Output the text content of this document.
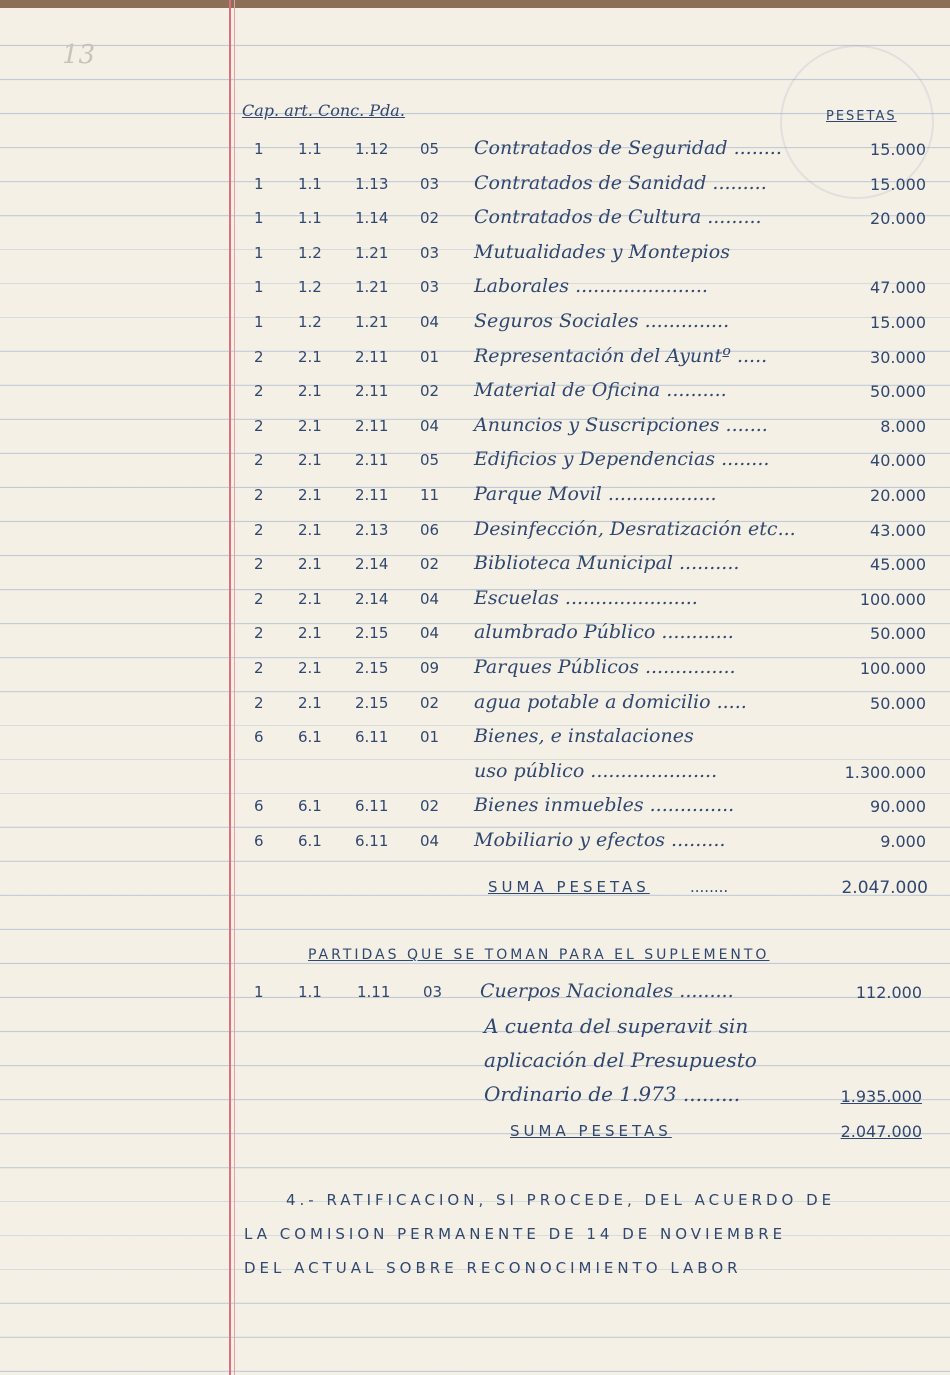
13
Cap. art. Conc. Pda.	PESETAS
1 1.1 1.12 05 Contratados de Seguridad ........	15.000
1 1.1 1.13 03 Contratados de Sanidad .........	15.000
1 1.1 1.14 02 Contratados de Cultura .........	20.000
1 1.2 1.21 03 Mutualidades y Montepios
1 1.2 1.21 03 Laborales ......................	47.000
1 1.2 1.21 04 Seguros Sociales ..............	15.000
2 2.1 2.11 01 Representación del Ayuntº .....	30.000
2 2.1 2.11 02 Material de Oficina ..........	50.000
2 2.1 2.11 04 Anuncios y Suscripciones .......	8.000
2 2.1 2.11 05 Edificios y Dependencias ........	40.000
2 2.1 2.11 11 Parque Movil ..................	20.000
2 2.1 2.13 06 Desinfección, Desratización etc...	43.000
2 2.1 2.14 02 Biblioteca Municipal ..........	45.000
2 2.1 2.14 04 Escuelas ......................	100.000
2 2.1 2.15 04 alumbrado Público ............	50.000
2 2.1 2.15 09 Parques Públicos ...............	100.000
2 2.1 2.15 02 agua potable a domicilio .....	50.000
6 6.1 6.11 01 Bienes, e instalaciones
uso público .....................	1.300.000
6 6.1 6.11 02 Bienes inmuebles ..............	90.000
6 6.1 6.11 04 Mobiliario y efectos .........	9.000
SUMA PESETAS	........	2.047.000
PARTIDAS QUE SE TOMAN PARA EL SUPLEMENTO
1 1.1 1.11 03 Cuerpos Nacionales .........	112.000
A cuenta del superavit sin
aplicación del Presupuesto
Ordinario de 1.973 .........	1.935.000
SUMA PESETAS	2.047.000
4.- RATIFICACION, SI PROCEDE, DEL ACUERDO DE
LA COMISION PERMANENTE DE 14 DE NOVIEMBRE
DEL ACTUAL SOBRE RECONOCIMIENTO LABOR
